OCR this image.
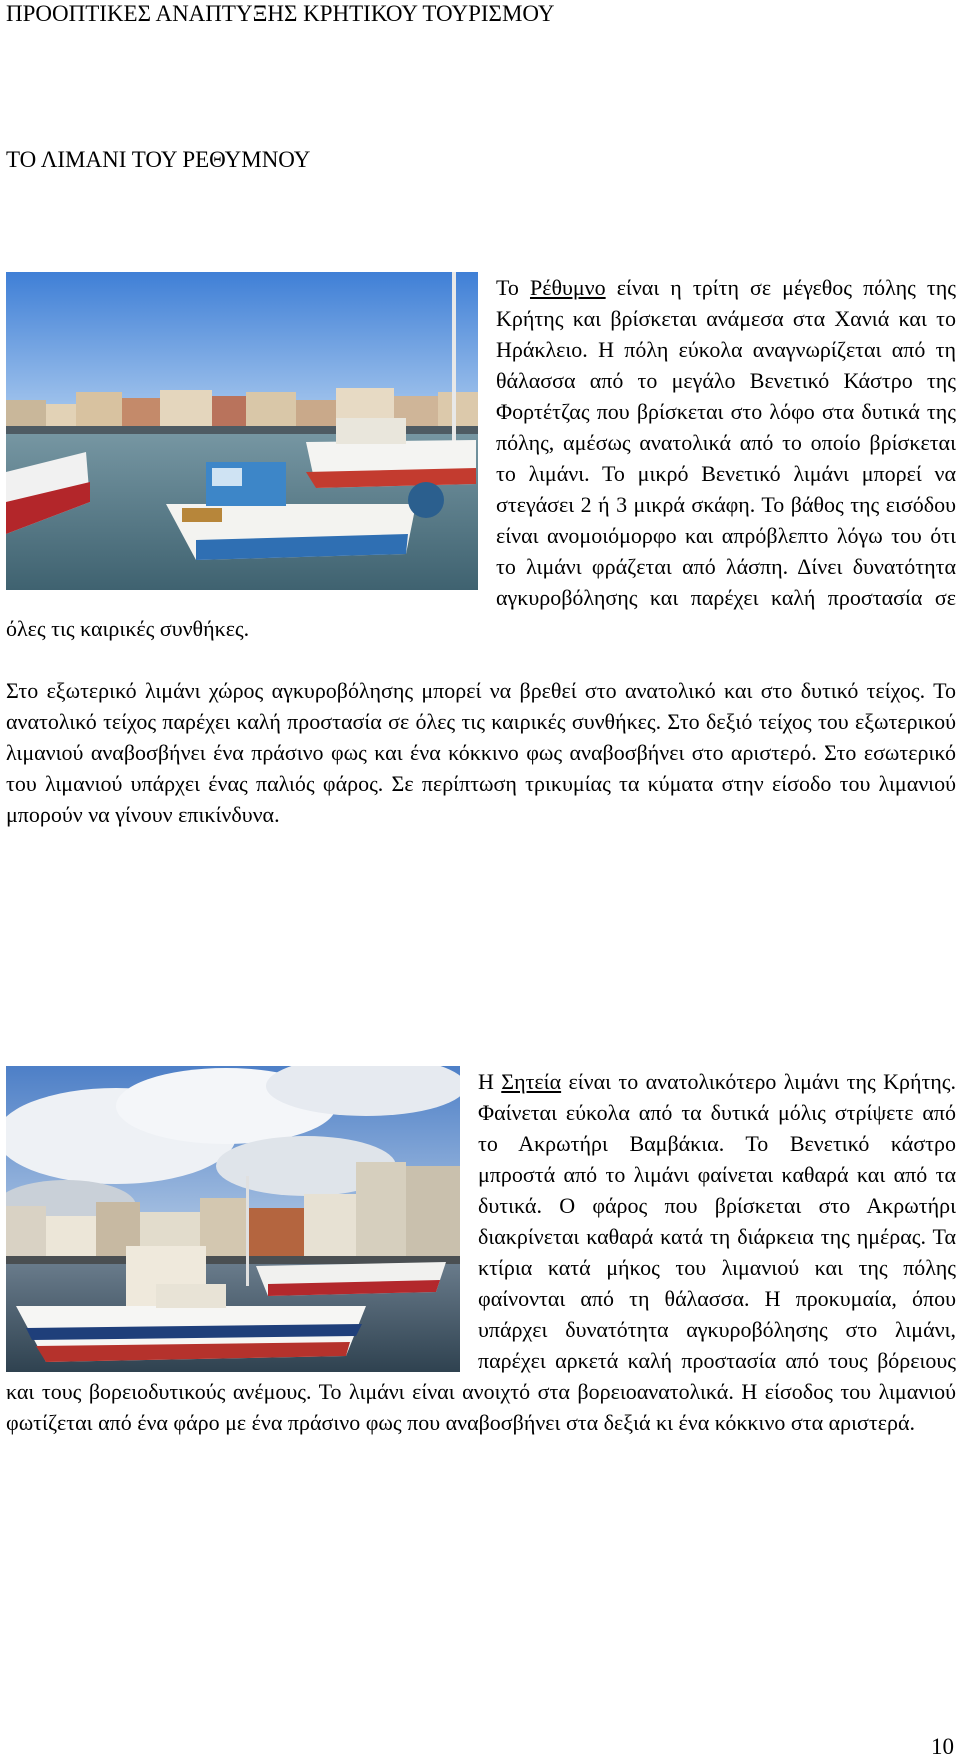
ΠΡΟΟΠΤΙΚΕΣ ΑΝΑΠΤΥΞΗΣ ΚΡΗΤΙΚΟΥ ΤΟΥΡΙΣΜΟΥ
ΤΟ ΛΙΜΑΝΙ ΤΟΥ ΡΕΘΥΜΝΟΥ

Το Ρέθυμνο είναι η τρίτη σε μέγεθος πόλης της Κρήτης και βρίσκεται ανάμεσα στα Χανιά και το Ηράκλειο. Η πόλη εύκολα αναγνωρίζεται από τη θάλασσα από το μεγάλο Βενετικό Κάστρο της Φορτέτζας που βρίσκεται στο λόφο στα δυτικά της πόλης, αμέσως ανατολικά από το οποίο βρίσκεται το λιμάνι. Το μικρό Βενετικό λιμάνι μπορεί να στεγάσει 2 ή 3 μικρά σκάφη. Το βάθος της εισόδου είναι ανομοιόμορφο και απρόβλεπτο λόγω του ότι το λιμάνι φράζεται από λάσπη. Δίνει δυνατότητα αγκυροβόλησης και παρέχει καλή προστασία σε όλες τις καιρικές συνθήκες.

Στο εξωτερικό λιμάνι χώρος αγκυροβόλησης μπορεί να βρεθεί στο ανατολικό και στο δυτικό τείχος. Το ανατολικό τείχος παρέχει καλή προστασία σε όλες τις καιρικές συνθήκες. Στο δεξιό τείχος του εξωτερικού λιμανιού αναβοσβήνει ένα πράσινο φως και ένα κόκκινο φως αναβοσβήνει στο αριστερό. Στο εσωτερικό του λιμανιού υπάρχει ένας παλιός φάρος. Σε περίπτωση τρικυμίας τα κύματα στην είσοδο του λιμανιού μπορούν να γίνουν επικίνδυνα.

Η Σητεία είναι το ανατολικότερο λιμάνι της Κρήτης. Φαίνεται εύκολα από τα δυτικά μόλις στρίψετε από το Ακρωτήρι Βαμβάκια. Το Βενετικό κάστρο μπροστά από το λιμάνι φαίνεται καθαρά και από τα δυτικά. Ο φάρος που βρίσκεται στο Ακρωτήρι διακρίνεται καθαρά κατά τη διάρκεια της ημέρας. Τα κτίρια κατά μήκος του λιμανιού και της πόλης φαίνονται από τη θάλασσα. Η προκυμαία, όπου υπάρχει δυνατότητα αγκυροβόλησης στο λιμάνι, παρέχει αρκετά καλή προστασία από τους βόρειους και τους βορειοδυτικούς ανέμους. Το λιμάνι είναι ανοιχτό στα βορειοανατολικά. Η είσοδος του λιμανιού φωτίζεται από ένα φάρο με ένα πράσινο φως που αναβοσβήνει στα δεξιά κι ένα κόκκινο στα αριστερά.

10
